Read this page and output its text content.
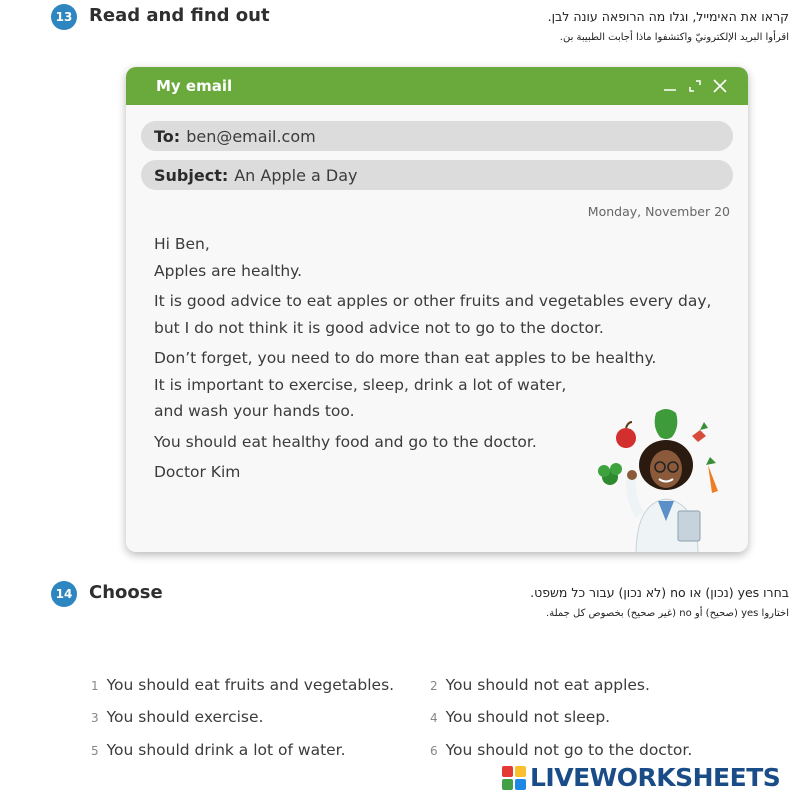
13 Read and find out	קראו את האימייל, וגלו מה הרופאה עונה לבן.
اقرأوا البريد الإلكترونيّ واكتشفوا ماذا أجابت الطبيبة بن.
My email
To: ben@email.com
Subject: An Apple a Day
Monday, November 20
Hi Ben,
Apples are healthy.
It is good advice to eat apples or other fruits and vegetables every day,
but I do not think it is good advice not to go to the doctor.
Don’t forget, you need to do more than eat apples to be healthy.
It is important to exercise, sleep, drink a lot of water,
and wash your hands too.
You should eat healthy food and go to the doctor.
Doctor Kim
14 Choose	בחרו yes (נכון) או no (לא נכון) עבור כל משפט.
اختاروا yes (صحيح) أو no (غير صحيح) بخصوص كل جملة.
1 You should eat fruits and vegetables.	2 You should not eat apples.
3 You should exercise.	4 You should not sleep.
5 You should drink a lot of water.	6 You should not go to the doctor.
LIVEWORKSHEETS
